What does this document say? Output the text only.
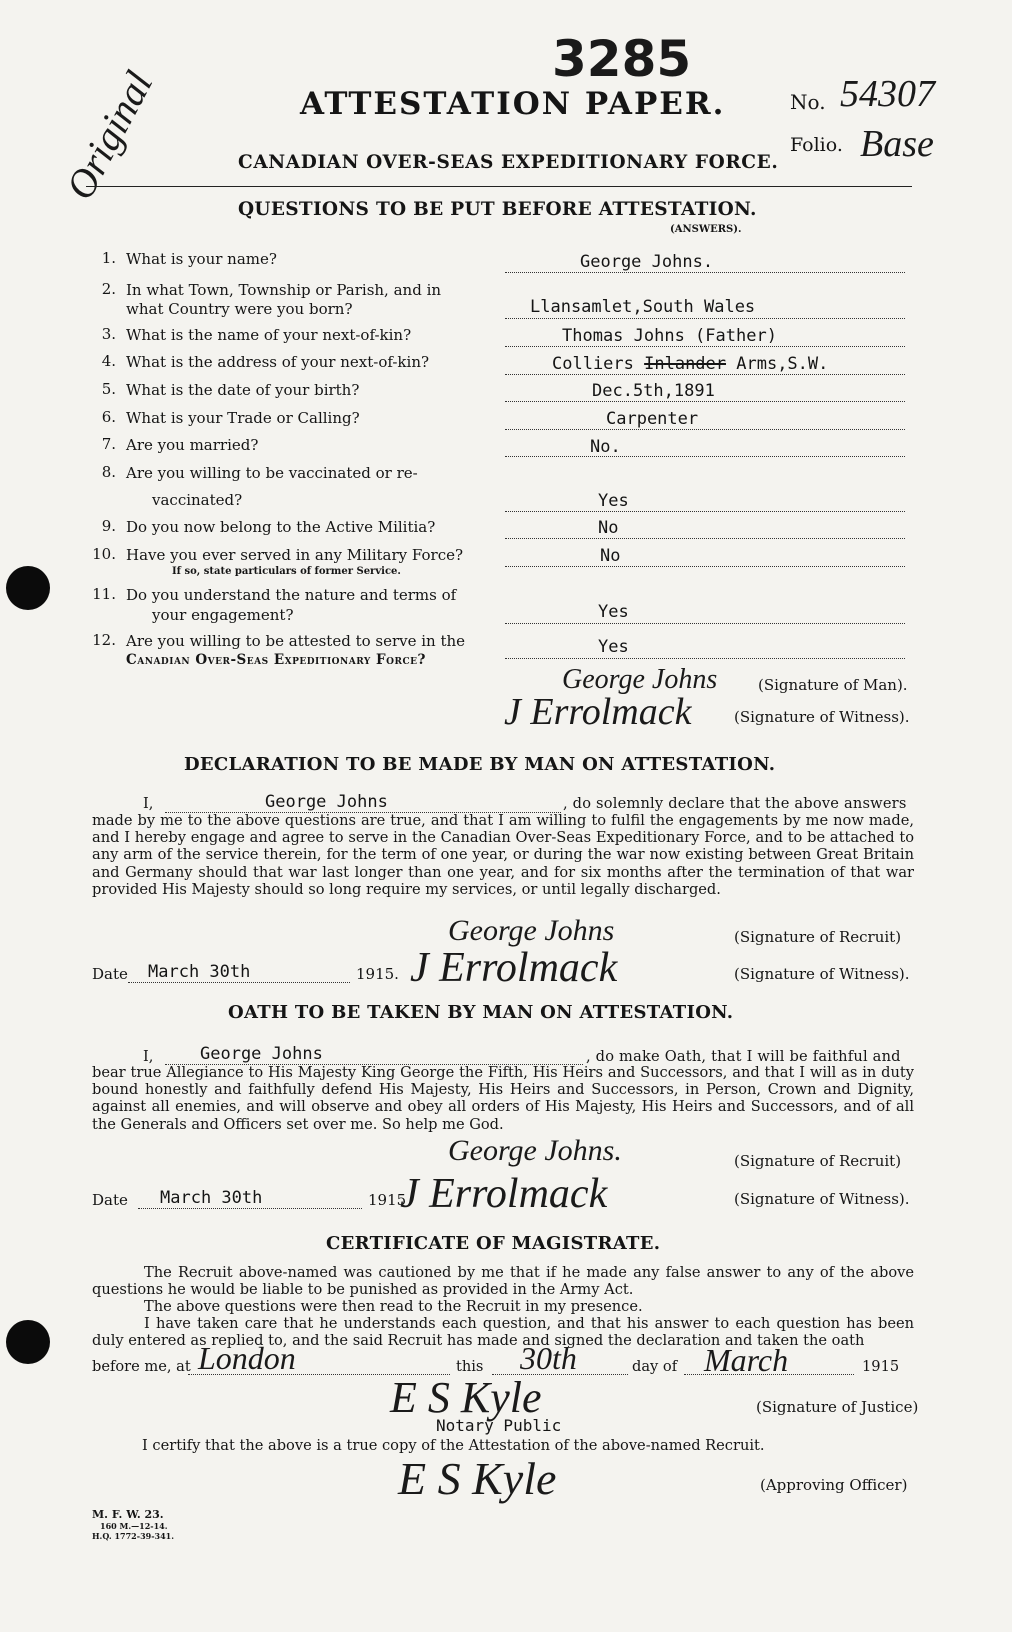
Original
3285
ATTESTATION PAPER.	No. 54307
Folio. Base
CANADIAN OVER-SEAS EXPEDITIONARY FORCE.
QUESTIONS TO BE PUT BEFORE ATTESTATION.
(ANSWERS).
1. What is your name?	George Johns.
2. In what Town, Township or Parish, and in
what Country were you born?	Llansamlet,South Wales
3. What is the name of your next-of-kin?	Thomas Johns (Father)
4. What is the address of your next-of-kin?	Colliers Inlander Arms,S.W.
5. What is the date of your birth?	Dec.5th,1891
6. What is your Trade or Calling?	Carpenter
7. Are you married?	No.
8. Are you willing to be vaccinated or re-
vaccinated?	Yes
9. Do you now belong to the Active Militia?	No
10. Have you ever served in any Military Force?
If so, state particulars of former Service.
No
11. Do you understand the nature and terms of
your engagement?	Yes
12. Are you willing to be attested to serve in the
Canadian Over-Seas Expeditionary Force?
Yes
George Johns	(Signature of Man).
J Errolmack	(Signature of Witness).
DECLARATION TO BE MADE BY MAN ON ATTESTATION.
I,	George Johns	, do solemnly declare that the above answers
made by me to the above questions are true, and that I am willing to fulfil the engagements by me now made, and I hereby engage and agree to serve in the Canadian Over-Seas Expeditionary Force, and to be attached to any arm of the service therein, for the term of one year, or during the war now existing between Great Britain and Germany should that war last longer than one year, and for six months after the termination of that war provided His Majesty should so long require my services, or until legally discharged.
George Johns	(Signature of Recruit)
Date March 30th	1915. J Errolmack	(Signature of Witness).
OATH TO BE TAKEN BY MAN ON ATTESTATION.
I,	George Johns	, do make Oath, that I will be faithful and
bear true Allegiance to His Majesty King George the Fifth, His Heirs and Successors, and that I will as in duty bound honestly and faithfully defend His Majesty, His Heirs and Successors, in Person, Crown and Dignity, against all enemies, and will observe and obey all orders of His Majesty, His Heirs and Successors, and of all the Generals and Officers set over me. So help me God.
George Johns.	(Signature of Recruit)
Date March 30th	1915
J Errolmack	(Signature of Witness).
CERTIFICATE OF MAGISTRATE.
The Recruit above-named was cautioned by me that if he made any false answer to any of the above questions he would be liable to be punished as provided in the Army Act.
The above questions were then read to the Recruit in my presence.
I have taken care that he understands each question, and that his answer to each question has been duly entered as replied to, and the said Recruit has made and signed the declaration and taken the oath
before me, at London	this 30th	day of March	1915
E S Kyle	(Signature of Justice)
Notary Public
I certify that the above is a true copy of the Attestation of the above-named Recruit.
E S Kyle	(Approving Officer)
M. F. W. 23.
160 M.—12-14.
H.Q. 1772-39-341.
